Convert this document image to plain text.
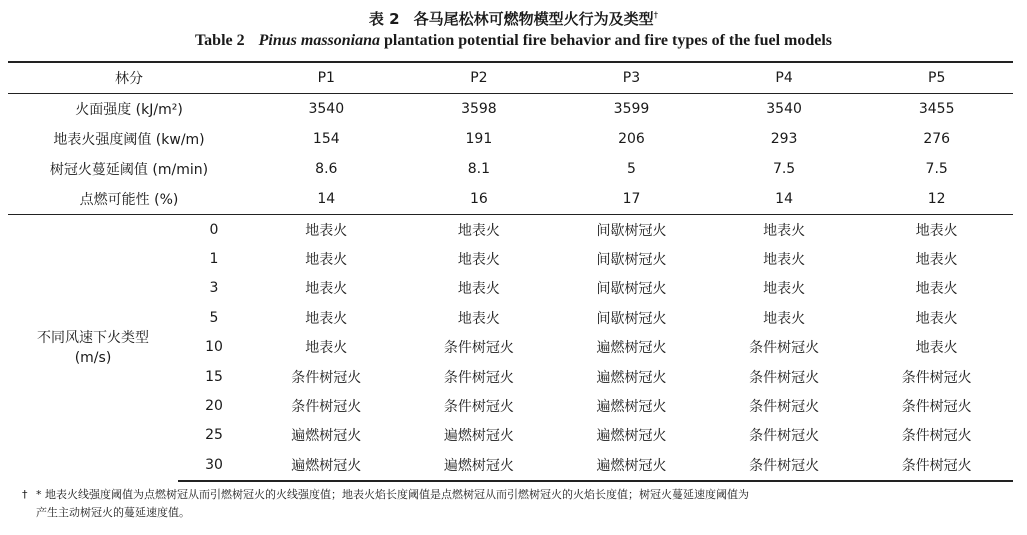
表 2 各马尾松林可燃物模型火行为及类型†
Table 2 Pinus massoniana plantation potential fire behavior and fire types of the fuel models
林分		P1	P2	P3	P4	P5
火面强度 (kJ/m²)		3540	3598	3599	3540	3455
地表火强度阈值 (kw/m)		154	191	206	293	276
树冠火蔓延阈值 (m/min)		8.6	8.1	5	7.5	7.5
点燃可能性 (%)		14	16	17	14	12

不同风速下火类型
(m/s)	0	地表火	地表火	间歇树冠火	地表火	地表火
	1	地表火	地表火	间歇树冠火	地表火	地表火
	3	地表火	地表火	间歇树冠火	地表火	地表火
	5	地表火	地表火	间歇树冠火	地表火	地表火
	10	地表火	条件树冠火	遍燃树冠火	条件树冠火	地表火
	15	条件树冠火	条件树冠火	遍燃树冠火	条件树冠火	条件树冠火
	20	条件树冠火	条件树冠火	遍燃树冠火	条件树冠火	条件树冠火
	25	遍燃树冠火	遍燃树冠火	遍燃树冠火	条件树冠火	条件树冠火
	30	遍燃树冠火	遍燃树冠火	遍燃树冠火	条件树冠火	条件树冠火
† * 地表火线强度阈值为点燃树冠从而引燃树冠火的火线强度值；地表火焰长度阈值是点燃树冠从而引燃树冠火的火焰长度值；树冠火蔓延速度阈值为
产生主动树冠火的蔓延速度值。
